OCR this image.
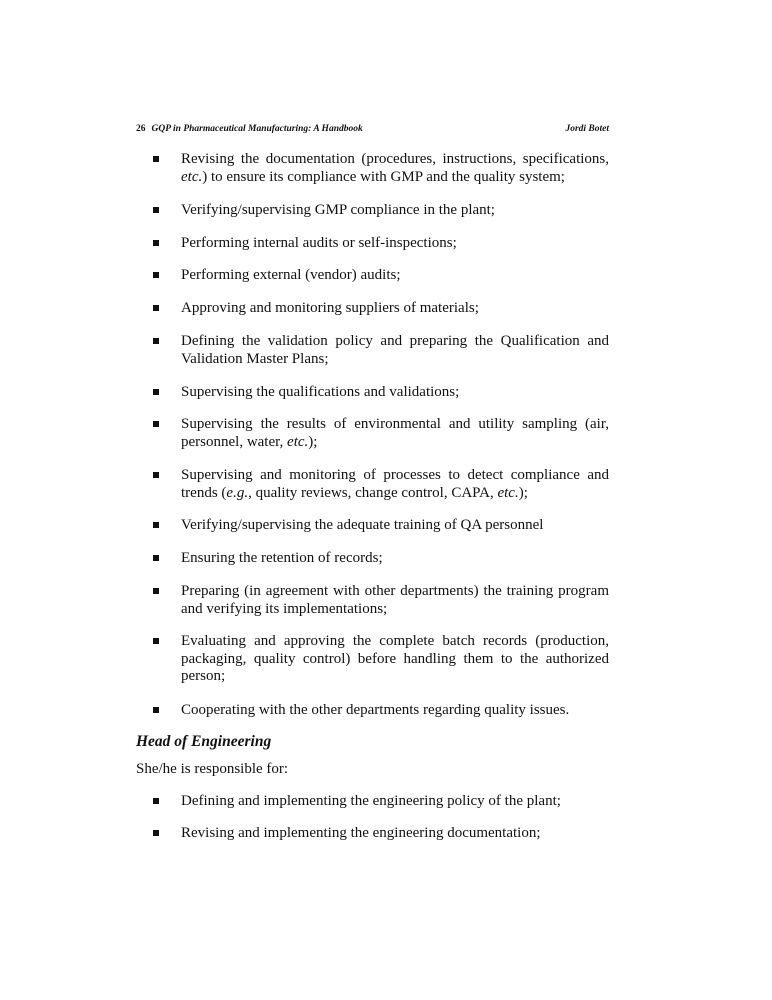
26 GQP in Pharmaceutical Manufacturing: A Handbook	Jordi Botet
Revising the documentation (procedures, instructions, specifications, etc.) to ensure its compliance with GMP and the quality system;
Verifying/supervising GMP compliance in the plant;
Performing internal audits or self-inspections;
Performing external (vendor) audits;
Approving and monitoring suppliers of materials;
Defining the validation policy and preparing the Qualification and Validation Master Plans;
Supervising the qualifications and validations;
Supervising the results of environmental and utility sampling (air, personnel, water, etc.);
Supervising and monitoring of processes to detect compliance and trends (e.g., quality reviews, change control, CAPA, etc.);
Verifying/supervising the adequate training of QA personnel
Ensuring the retention of records;
Preparing (in agreement with other departments) the training program and verifying its implementations;
Evaluating and approving the complete batch records (production, packaging, quality control) before handling them to the authorized person;
Cooperating with the other departments regarding quality issues.
Head of Engineering
She/he is responsible for:
Defining and implementing the engineering policy of the plant;
Revising and implementing the engineering documentation;
